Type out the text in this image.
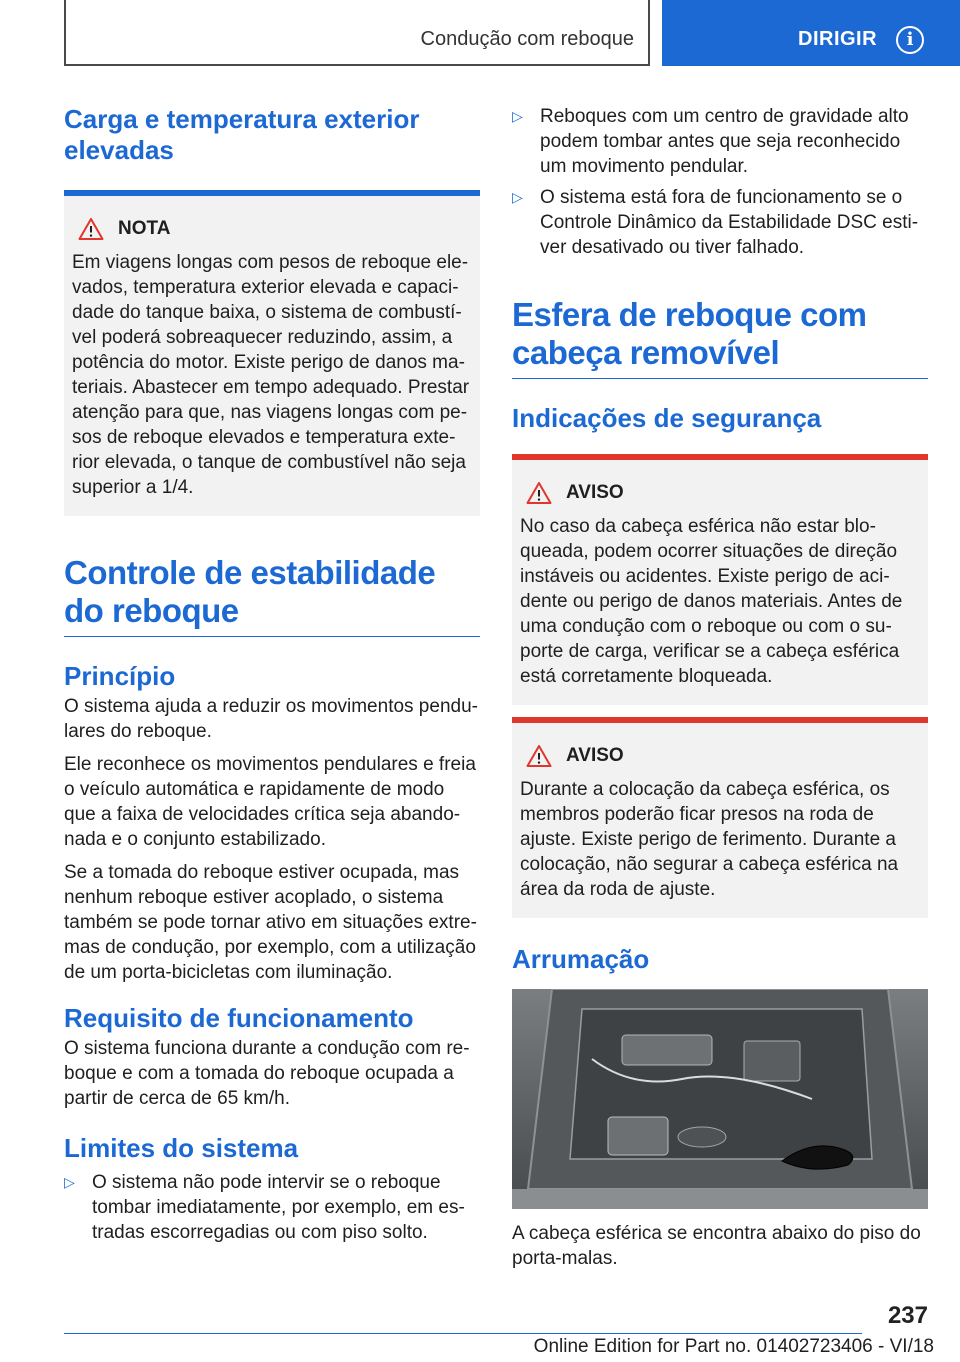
Condução com reboque	DIRIGIR	i
Carga e temperatura exterior elevadas
NOTA

Em viagens longas com pesos de reboque ele-vados, temperatura exterior elevada e capaci-dade do tanque baixa, o sistema de combustí-vel poderá sobreaquecer reduzindo, assim, a potência do motor. Existe perigo de danos ma-teriais. Abastecer em tempo adequado. Prestar atenção para que, nas viagens longas com pe-sos de reboque elevados e temperatura exte-rior elevada, o tanque de combustível não seja superior a 1/4.

Controle de estabilidade do reboque
Princípio

O sistema ajuda a reduzir os movimentos pendu-lares do reboque.

Ele reconhece os movimentos pendulares e freia o veículo automática e rapidamente de modo que a faixa de velocidades crítica seja abando-nada e o conjunto estabilizado.

Se a tomada do reboque estiver ocupada, mas nenhum reboque estiver acoplado, o sistema também se pode tornar ativo em situações extre-mas de condução, por exemplo, com a utilização de um porta-bicicletas com iluminação.

Requisito de funcionamento

O sistema funciona durante a condução com re-boque e com a tomada do reboque ocupada a partir de cerca de 65 km/h.

Limites do sistema
▷ O sistema não pode intervir se o reboque tombar imediatamente, por exemplo, em es-tradas escorregadias ou com piso solto.
▷ Reboques com um centro de gravidade alto podem tombar antes que seja reconhecido um movimento pendular.
▷ O sistema está fora de funcionamento se o Controle Dinâmico da Estabilidade DSC esti-ver desativado ou tiver falhado.
Esfera de reboque com cabeça removível
Indicações de segurança
AVISO

No caso da cabeça esférica não estar blo-queada, podem ocorrer situações de direção instáveis ou acidentes. Existe perigo de aci-dente ou perigo de danos materiais. Antes de uma condução com o reboque ou com o su-porte de carga, verificar se a cabeça esférica está corretamente bloqueada.

AVISO

Durante a colocação da cabeça esférica, os membros poderão ficar presos na roda de ajuste. Existe perigo de ferimento. Durante a colocação, não segurar a cabeça esférica na área da roda de ajuste.

Arrumação

A cabeça esférica se encontra abaixo do piso do porta-malas.

237
Online Edition for Part no. 01402723406 - VI/18
